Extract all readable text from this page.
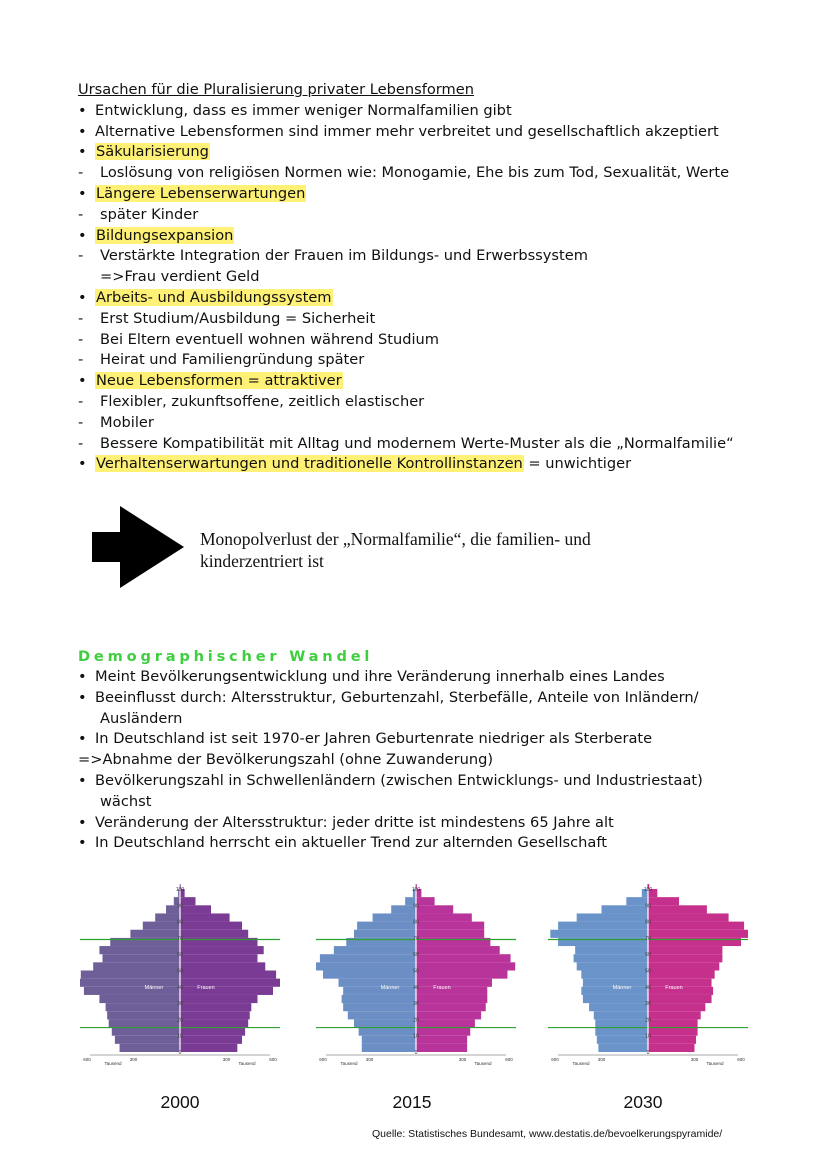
Ursachen für die Pluralisierung privater Lebensformen
• Entwicklung, dass es immer weniger Normalfamilien gibt
• Alternative Lebensformen sind immer mehr verbreitet und gesellschaftlich akzeptiert
• Säkularisierung
-	Loslösung von religiösen Normen wie: Monogamie, Ehe bis zum Tod, Sexualität, Werte
• Längere Lebenserwartungen
-	später Kinder
• Bildungsexpansion
-	Verstärkte Integration der Frauen im Bildungs- und Erwerbssystem
=>Frau verdient Geld
• Arbeits- und Ausbildungssystem
-	Erst Studium/Ausbildung = Sicherheit
-	Bei Eltern eventuell wohnen während Studium
-	Heirat und Familiengründung später
• Neue Lebensformen = attraktiver
-	Flexibler, zukunftsoffene, zeitlich elastischer
-	Mobiler
-	Bessere Kompatibilität mit Alltag und modernem Werte-Muster als die „Normalfamilie“
• Verhaltenserwartungen und traditionelle Kontrollinstanzen = unwichtiger
Monopolverlust der „Normalfamilie“, die familien- und
kinderzentriert ist
Demographischer Wandel
• Meint Bevölkerungsentwicklung und ihre Veränderung innerhalb eines Landes
• Beeinflusst durch: Altersstruktur, Geburtenzahl, Sterbefälle, Anteile von Inländern/
Ausländern
• In Deutschland ist seit 1970-er Jahren Geburtenrate niedriger als Sterberate
=>Abnahme der Bevölkerungszahl (ohne Zuwanderung)
• Bevölkerungszahl in Schwellenländern (zwischen Entwicklungs- und Industriestaat)
wächst
• Veränderung der Altersstruktur: jeder dritte ist mindestens 65 Jahre alt
• In Deutschland herrscht ein aktueller Trend zur alternden Gesellschaft
0
10
20
30
40
50
60
70
80
90
100
Männer	Frauen
600	300	300	600
Tausend	Tausend
0
10
20
30
40
50
60
70
80
90
100
Männer	Frauen
600	300	300	600
Tausend	Tausend
0
10
20
30
40
50
60
70
80
90
100
Männer	Frauen
600	300	300	600
Tausend	Tausend
2000	2015	2030
Quelle: Statistisches Bundesamt, www.destatis.de/bevoelkerungspyramide/
